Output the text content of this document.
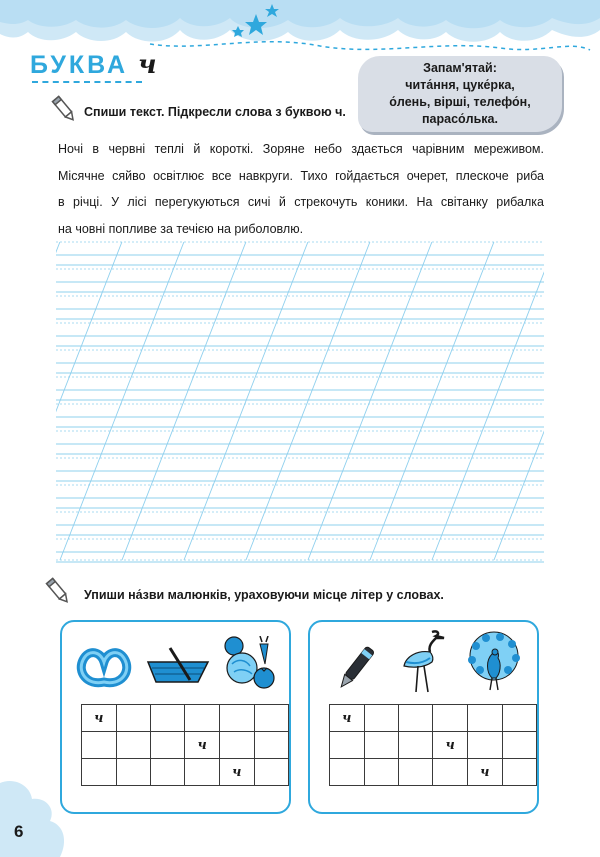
БУКВА ч	Запам'ятай:
чита́ння, цуке́рка,
о́лень, вірші, телефо́н,
парасо́лька.
Спиши текст. Підкресли слова з буквою ч.
Ночі в червні теплі й короткі. Зоряне небо здається чарівним мереживом.
Місячне сяйво освітлює все навкруги. Тихо гойдається очерет, плескоче риба
в річці. У лісі перегукуються сичі й стрекочуть коники. На світанку рибалка
на човні попливе за течією на риболовлю.
Упиши на́зви малюнків, ураховуючи місце літер у словах.
ч					
			ч		
				ч	
ч					
			ч		
				ч	
6
